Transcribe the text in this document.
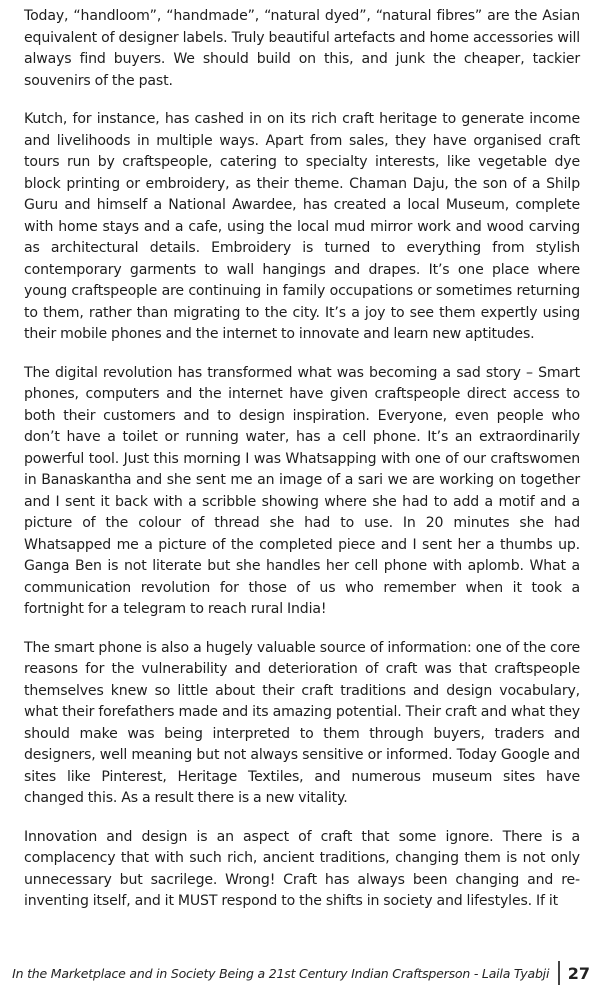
Today, “handloom”, “handmade”, “natural dyed”, “natural fibres” are the Asian equivalent of designer labels. Truly beautiful artefacts and home accessories will always find buyers. We should build on this, and junk the cheaper, tackier souvenirs of the past.

Kutch, for instance, has cashed in on its rich craft heritage to generate income and livelihoods in multiple ways. Apart from sales, they have organised craft tours run by craftspeople, catering to specialty interests, like vegetable dye block printing or embroidery, as their theme. Chaman Daju, the son of a Shilp Guru and himself a National Awardee, has created a local Museum, complete with home stays and a cafe, using the local mud mirror work and wood carving as architectural details. Embroidery is turned to everything from stylish contemporary garments to wall hangings and drapes. It’s one place where young craftspeople are continuing in family occupations or sometimes returning to them, rather than migrating to the city. It’s a joy to see them expertly using their mobile phones and the internet to innovate and learn new aptitudes.

The digital revolution has transformed what was becoming a sad story – Smart phones, computers and the internet have given craftspeople direct access to both their customers and to design inspiration. Everyone, even people who don’t have a toilet or running water, has a cell phone. It’s an extraordinarily powerful tool. Just this morning I was Whatsapping with one of our craftswomen in Banaskantha and she sent me an image of a sari we are working on together and I sent it back with a scribble showing where she had to add a motif and a picture of the colour of thread she had to use. In 20 minutes she had Whatsapped me a picture of the completed piece and I sent her a thumbs up. Ganga Ben is not literate but she handles her cell phone with aplomb. What a communication revolution for those of us who remember when it took a fortnight for a telegram to reach rural India!

The smart phone is also a hugely valuable source of information: one of the core reasons for the vulnerability and deterioration of craft was that craftspeople themselves knew so little about their craft traditions and design vocabulary, what their forefathers made and its amazing potential. Their craft and what they should make was being interpreted to them through buyers, traders and designers, well meaning but not always sensitive or informed. Today Google and sites like Pinterest, Heritage Textiles, and numerous museum sites have changed this. As a result there is a new vitality.

Innovation and design is an aspect of craft that some ignore. There is a complacency that with such rich, ancient traditions, changing them is not only unnecessary but sacrilege. Wrong! Craft has always been changing and re-inventing itself, and it MUST respond to the shifts in society and lifestyles. If it

In the Marketplace and in Society Being a 21st Century Indian Craftsperson - Laila Tyabji 27
